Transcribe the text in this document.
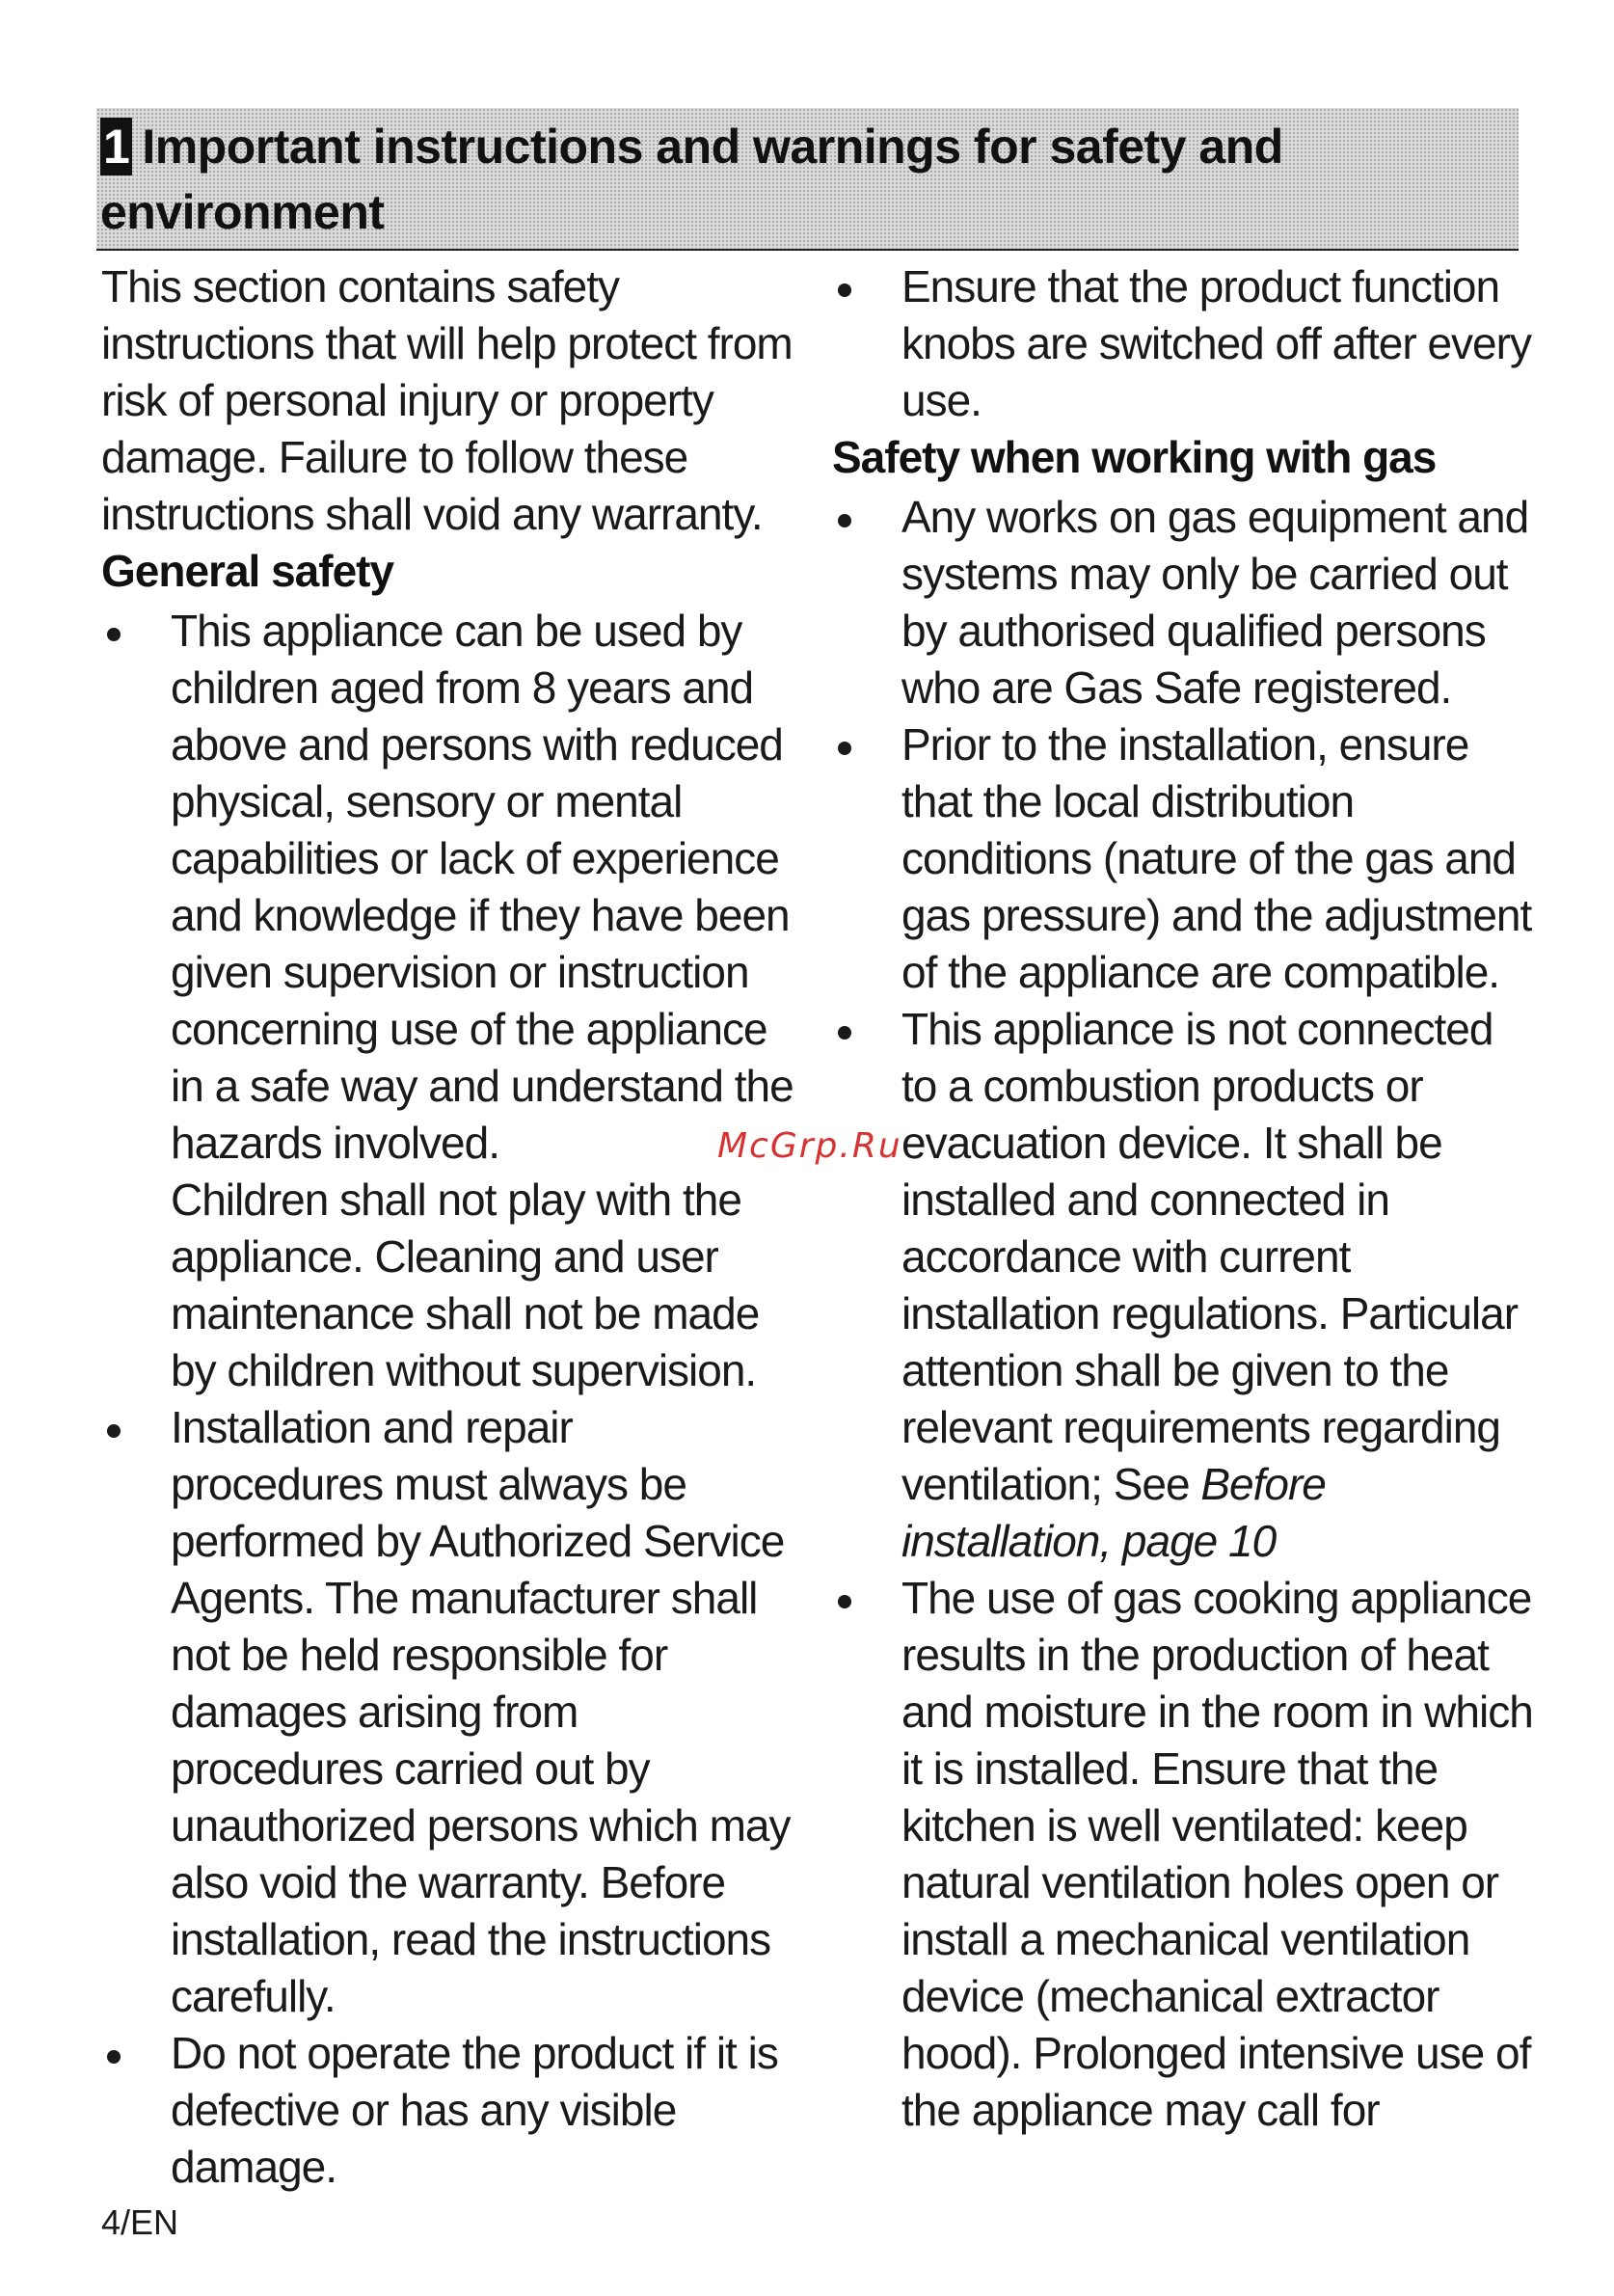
1 Important instructions and warnings for safety and environment

This section contains safety instructions that will help protect from risk of personal injury or property damage. Failure to follow these instructions shall void any warranty.

General safety

This appliance can be used by children aged from 8 years and above and persons with reduced physical, sensory or mental capabilities or lack of experience and knowledge if they have been given supervision or instruction concerning use of the appliance in a safe way and understand the hazards involved.

Children shall not play with the appliance. Cleaning and user maintenance shall not be made by children without supervision.

Installation and repair procedures must always be performed by Authorized Service Agents. The manufacturer shall not be held responsible for damages arising from procedures carried out by unauthorized persons which may also void the warranty. Before installation, read the instructions carefully.

Do not operate the product if it is defective or has any visible damage.

Ensure that the product function knobs are switched off after every use.

Safety when working with gas

Any works on gas equipment and systems may only be carried out by authorised qualified persons who are Gas Safe registered.

Prior to the installation, ensure that the local distribution conditions (nature of the gas and gas pressure) and the adjustment of the appliance are compatible.

This appliance is not connected to a combustion products or evacuation device. It shall be installed and connected in accordance with current installation regulations. Particular attention shall be given to the relevant requirements regarding ventilation; See Before installation, page 10

The use of gas cooking appliance results in the production of heat and moisture in the room in which it is installed. Ensure that the kitchen is well ventilated: keep natural ventilation holes open or install a mechanical ventilation device (mechanical extractor hood). Prolonged intensive use of the appliance may call for

McGrp.Ru
4/EN
